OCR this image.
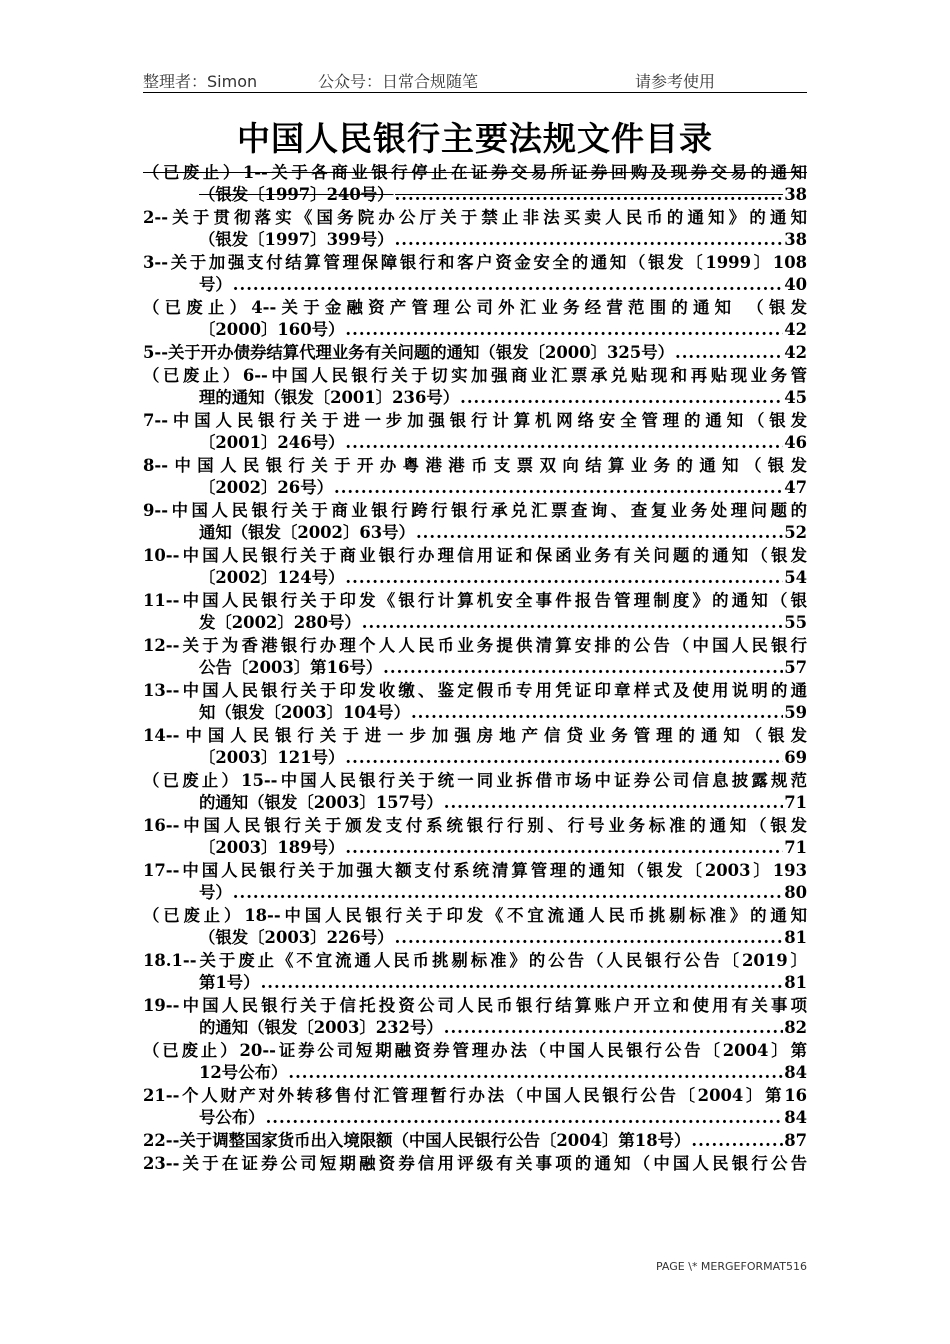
整理者：Simon	公众号：日常合规随笔	请参考使用
中国人民银行主要法规文件目录
（已废止）1--关于各商业银行停止在证券交易所证券回购及现券交易的通知
（银发〔1997〕240号） .....	38
2--关于贯彻落实《国务院办公厅关于禁止非法买卖人民币的通知》的通知
（银发〔1997〕399号） .....	38
3--关于加强支付结算管理保障银行和客户资金安全的通知（银发〔1999〕108
号） .....	40
（已废止）4--关于金融资产管理公司外汇业务经营范围的通知 （银发
〔2000〕160号） .....	42
5--关于开办债券结算代理业务有关问题的通知（银发〔2000〕325号） .....	42
（已废止）6--中国人民银行关于切实加强商业汇票承兑贴现和再贴现业务管
理的通知（银发〔2001〕236号） .....	45
7--中国人民银行关于进一步加强银行计算机网络安全管理的通知（银发
〔2001〕246号） .....	46
8--中国人民银行关于开办粤港港币支票双向结算业务的通知（银发
〔2002〕26号） .....	47
9--中国人民银行关于商业银行跨行银行承兑汇票查询、查复业务处理问题的
通知（银发〔2002〕63号） .....	52
10--中国人民银行关于商业银行办理信用证和保函业务有关问题的通知（银发
〔2002〕124号） .....	54
11--中国人民银行关于印发《银行计算机安全事件报告管理制度》的通知（银
发〔2002〕280号） .....	55
12--关于为香港银行办理个人人民币业务提供清算安排的公告（中国人民银行
公告〔2003〕第16号） .....	57
13--中国人民银行关于印发收缴、鉴定假币专用凭证印章样式及使用说明的通
知（银发〔2003〕104号） .....	59
14--中国人民银行关于进一步加强房地产信贷业务管理的通知（银发
〔2003〕121号） .....	69
（已废止）15--中国人民银行关于统一同业拆借市场中证券公司信息披露规范
的通知（银发〔2003〕157号） .....	71
16--中国人民银行关于颁发支付系统银行行别、行号业务标准的通知（银发
〔2003〕189号） .....	71
17--中国人民银行关于加强大额支付系统清算管理的通知（银发〔2003〕193
号） .....	80
（已废止）18--中国人民银行关于印发《不宜流通人民币挑剔标准》的通知
（银发〔2003〕226号） .....	81
18.1--关于废止《不宜流通人民币挑剔标准》的公告（人民银行公告〔2019〕
第1号） .....	81
19--中国人民银行关于信托投资公司人民币银行结算账户开立和使用有关事项
的通知（银发〔2003〕232号） .....	82
（已废止）20--证券公司短期融资券管理办法（中国人民银行公告〔2004〕第
12号公布） .....	84
21--个人财产对外转移售付汇管理暂行办法（中国人民银行公告〔2004〕第16
号公布） .....	84
22--关于调整国家货币出入境限额（中国人民银行公告〔2004〕第18号） .....	87
23--关于在证券公司短期融资券信用评级有关事项的通知（中国人民银行公告
PAGE \* MERGEFORMAT516
